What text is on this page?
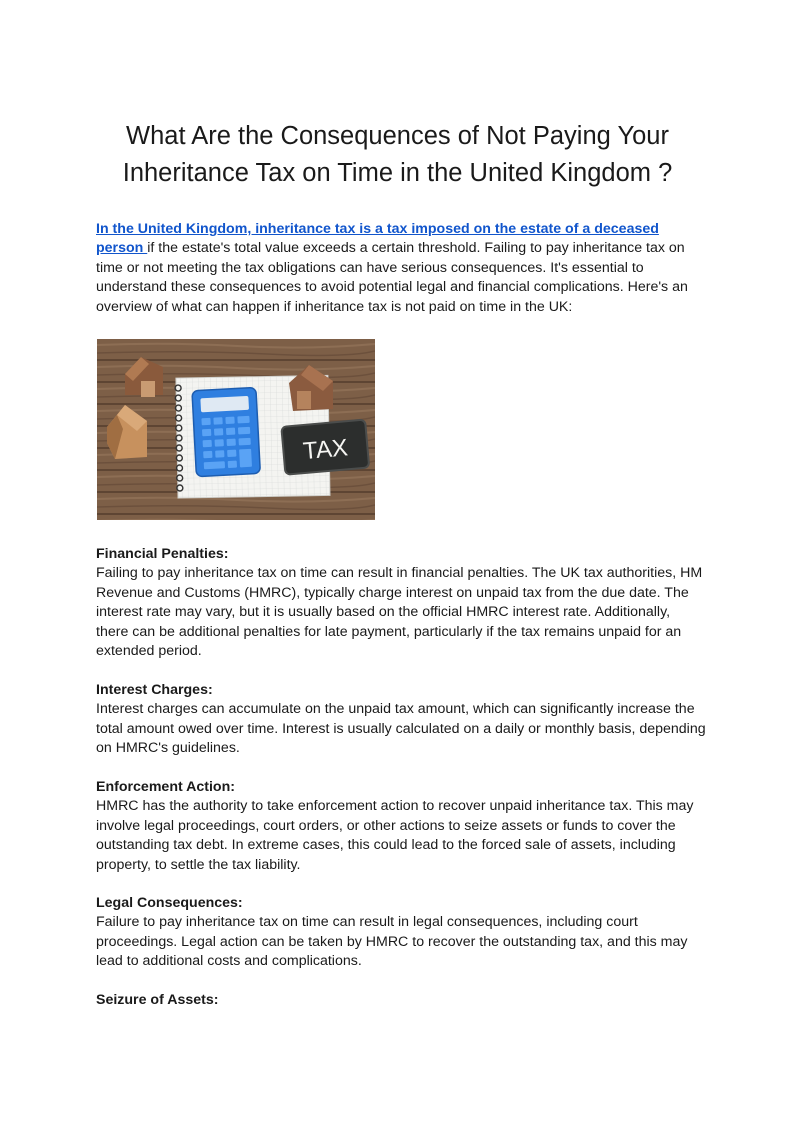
What Are the Consequences of Not Paying Your
Inheritance Tax on Time in the United Kingdom ?

In the United Kingdom, inheritance tax is a tax imposed on the estate of a deceased person if the estate's total value exceeds a certain threshold. Failing to pay inheritance tax on time or not meeting the tax obligations can have serious consequences. It's essential to understand these consequences to avoid potential legal and financial complications. Here's an overview of what can happen if inheritance tax is not paid on time in the UK:

TAX
Financial Penalties:

Failing to pay inheritance tax on time can result in financial penalties. The UK tax authorities, HM Revenue and Customs (HMRC), typically charge interest on unpaid tax from the due date. The interest rate may vary, but it is usually based on the official HMRC interest rate. Additionally, there can be additional penalties for late payment, particularly if the tax remains unpaid for an extended period.

Interest Charges:

Interest charges can accumulate on the unpaid tax amount, which can significantly increase the total amount owed over time. Interest is usually calculated on a daily or monthly basis, depending on HMRC's guidelines.

Enforcement Action:

HMRC has the authority to take enforcement action to recover unpaid inheritance tax. This may involve legal proceedings, court orders, or other actions to seize assets or funds to cover the outstanding tax debt. In extreme cases, this could lead to the forced sale of assets, including property, to settle the tax liability.

Legal Consequences:

Failure to pay inheritance tax on time can result in legal consequences, including court proceedings. Legal action can be taken by HMRC to recover the outstanding tax, and this may lead to additional costs and complications.

Seizure of Assets:
